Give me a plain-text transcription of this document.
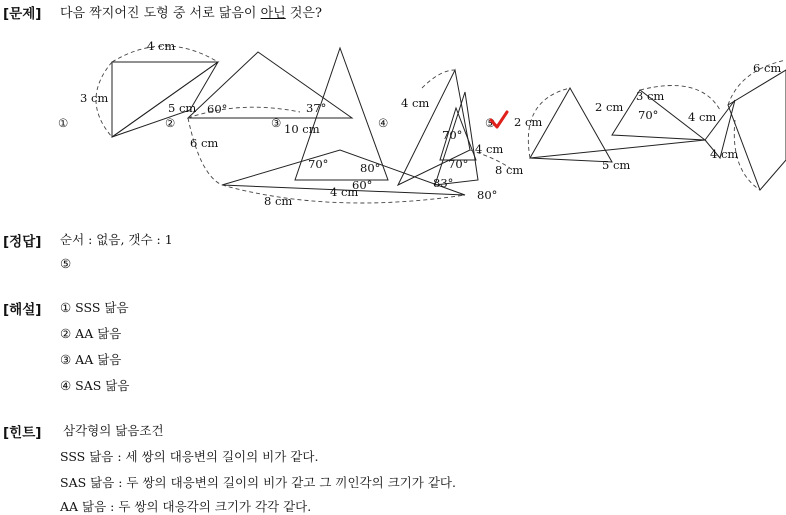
[문제] 다음 짝지어진 도형 중 서로 닮음이 아닌 것은?
4 cm
3 cm
①
5 cm 60°
6 cm
8 cm
37°
10 cm
70°	80°
60°
4 cm
②	③
4 cm
70°
70°
83°
80°
4 cm
8 cm
④
2 cm
2 cm
3 cm
70°	4 cm
4 cm
5 cm
6 cm
⑤
[정답] 순서 : 없음, 갯수 : 1
⑤
[해설] ① SSS 닮음
② AA 닮음
③ AA 닮음
④ SAS 닮음
[힌트] 삼각형의 닮음조건
SSS 닮음 : 세 쌍의 대응변의 길이의 비가 같다.
SAS 닮음 : 두 쌍의 대응변의 길이의 비가 같고 그 끼인각의 크기가 같다.
AA 닮음 : 두 쌍의 대응각의 크기가 각각 같다.
